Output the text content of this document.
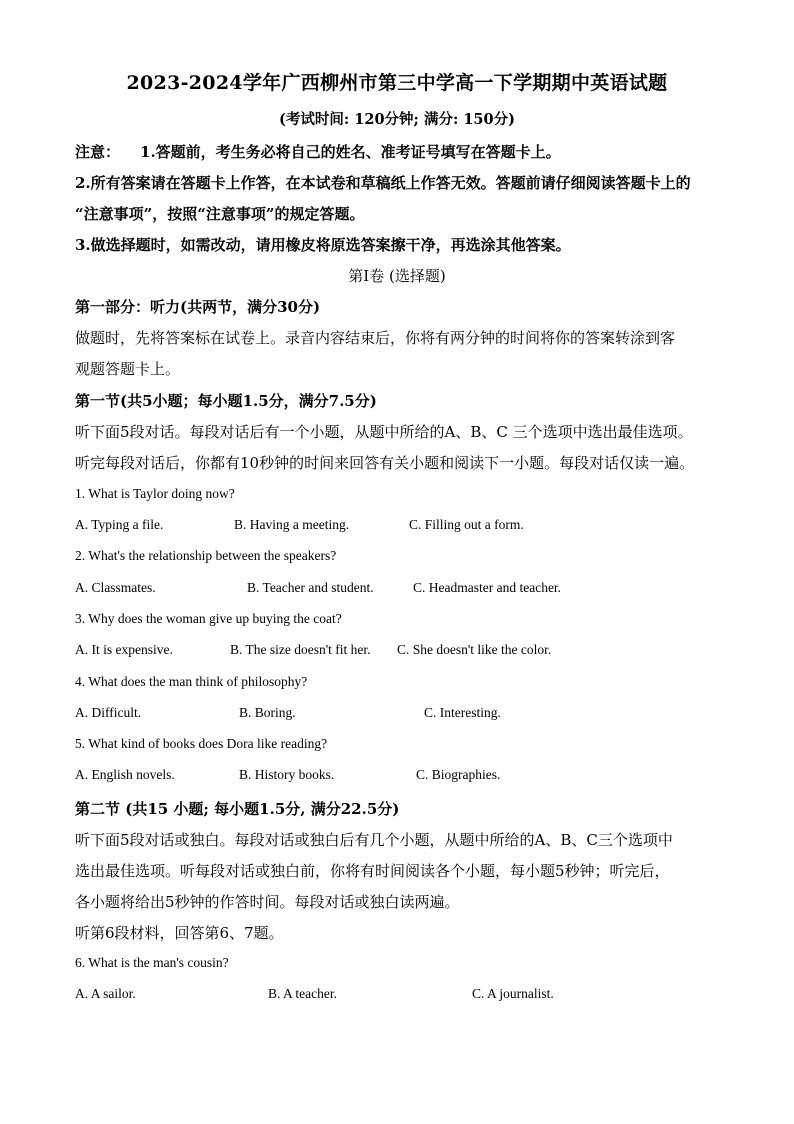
2023-2024学年广西柳州市第三中学高一下学期期中英语试题
(考试时间: 120分钟; 满分: 150分)
注意： 1.答题前，考生务必将自己的姓名、准考证号填写在答题卡上。
2.所有答案请在答题卡上作答，在本试卷和草稿纸上作答无效。答题前请仔细阅读答题卡上的
“注意事项”，按照“注意事项”的规定答题。
3.做选择题时，如需改动，请用橡皮将原选答案擦干净，再选涂其他答案。
第Ⅰ卷 (选择题)
第一部分：听力(共两节，满分30分)
做题时，先将答案标在试卷上。录音内容结束后，你将有两分钟的时间将你的答案转涂到客
观题答题卡上。
第一节(共5小题；每小题1.5分，满分7.5分)
听下面5段对话。每段对话后有一个小题，从题中所给的A、B、C 三个选项中选出最佳选项。
听完每段对话后，你都有10秒钟的时间来回答有关小题和阅读下一小题。每段对话仅读一遍。
1. What is Taylor doing now?
A. Typing a file.	B. Having a meeting.	C. Filling out a form.
2. What's the relationship between the speakers?
A. Classmates.	B. Teacher and student.	C. Headmaster and teacher.
3. Why does the woman give up buying the coat?
A. It is expensive.	B. The size doesn't fit her. C. She doesn't like the color.
4. What does the man think of philosophy?
A. Difficult.	B. Boring.	C. Interesting.
5. What kind of books does Dora like reading?
A. English novels.	B. History books.	C. Biographies.
第二节 (共15 小题; 每小题1.5分, 满分22.5分)
听下面5段对话或独白。每段对话或独白后有几个小题，从题中所给的A、B、C三个选项中
选出最佳选项。听每段对话或独白前，你将有时间阅读各个小题，每小题5秒钟；听完后，
各小题将给出5秒钟的作答时间。每段对话或独白读两遍。
听第6段材料，回答第6、7题。
6. What is the man's cousin?
A. A sailor.	B. A teacher.	C. A journalist.
